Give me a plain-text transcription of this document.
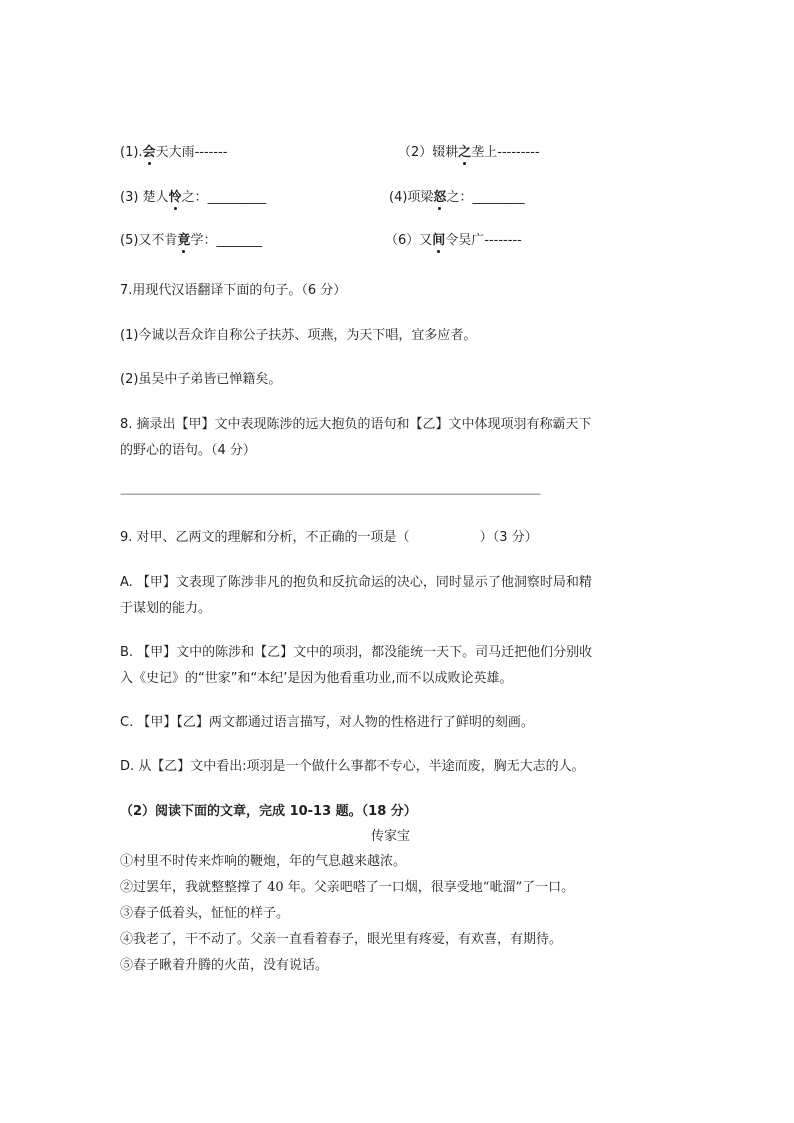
(1).会天大雨-------	（2）辍耕之垄上---------
(3) 楚人怜之：_________	(4)项梁怒之：________
(5)又不肯竟学：_______	（6）又间令吴广--------
7.用现代汉语翻译下面的句子。（6 分）
(1)今诚以吾众诈自称公子扶苏、项燕，为天下唱，宜多应者。
(2)虽吴中子弟皆已惮籍矣。
8. 摘录出【甲】文中表现陈涉的远大抱负的语句和【乙】文中体现项羽有称霸天下
的野心的语句。（4 分）
——————————————————————————————————————————
9. 对甲、乙两文的理解和分析，不正确的一项是（                 ）（3 分）
A. 【甲】文表现了陈涉非凡的抱负和反抗命运的决心，同时显示了他洞察时局和精
于谋划的能力。
B. 【甲】文中的陈涉和【乙】文中的项羽，都没能统一天下。司马迁把他们分别收
入《史记》的“世家”和“本纪’是因为他看重功业,而不以成败论英雄。
C. 【甲】【乙】两文都通过语言描写，对人物的性格进行了鲜明的刻画。
D. 从【乙】文中看出:项羽是一个做什么事都不专心，半途而废，胸无大志的人。
（2）阅读下面的文章，完成 10-13 题。（18 分）
传家宝
①村里不时传来炸响的鞭炮，年的气息越来越浓。
②过罢年，我就整整撑了 40 年。父亲吧嗒了一口烟，很享受地“呲溜”了一口。
③春子低着头，怔怔的样子。
④我老了，干不动了。父亲一直看着春子，眼光里有疼爱，有欢喜，有期待。
⑤春子瞅着升腾的火苗，没有说话。
